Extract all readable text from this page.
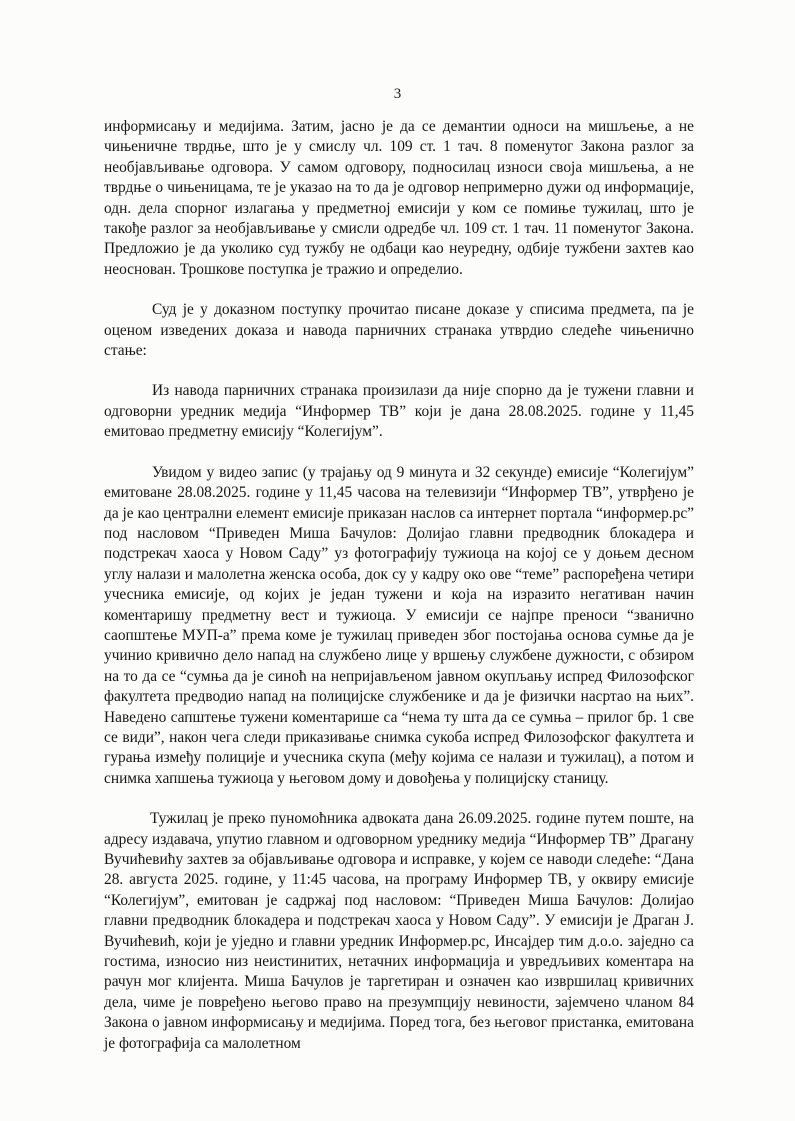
3

информисању и медијима. Затим, јасно је да се демантии односи на мишљење, а не чињеничне тврдње, што је у смислу чл. 109 ст. 1 тач. 8 поменутог Закона разлог за необјављивање одговора. У самом одговору, подносилац износи своја мишљења, а не тврдње о чињеницама, те је указао на то да је одговор непримерно дужи од информације, одн. дела спорног излагања у предметној емисији у ком се помиње тужилац, што је такође разлог за необјављивање у смисли одредбе чл. 109 ст. 1 тач. 11 поменутог Закона. Предложио је да уколико суд тужбу не одбаци као неуредну, одбије тужбени захтев као неоснован. Трошкове поступка је тражио и определио.

Суд је у доказном поступку прочитао писане доказе у списима предмета, па је оценом изведених доказа и навода парничних странака утврдио следеће чињенично стање:

Из навода парничних странака произилази да није спорно да је тужени главни и одговорни уредник медија “Информер ТВ” који је дана 28.08.2025. године у 11,45 емитовао предметну емисију “Колегијум”.

Увидом у видео запис (у трајању од 9 минута и 32 секунде) емисије “Колегијум” емитоване 28.08.2025. године у 11,45 часова на телевизији “Информер ТВ”, утврђено је да је као централни елемент емисије приказан наслов са интернет портала “информер.рс” под насловом “Приведен Миша Бачулов: Долијао главни предводник блокадера и подстрекач хаоса у Новом Саду” уз фотографију тужиоца на којој се у доњем десном углу налази и малолетна женска особа, док су у кадру око ове “теме” распоређена четири учесника емисије, од којих је један тужени и која на изразито негативан начин коментаришу предметну вест и тужиоца. У емисији се најпре преноси “званично саопштење МУП-а” према коме је тужилац приведен због постојања основа сумње да је учинио кривично дело напад на службено лице у вршењу службене дужности, с обзиром на то да се “сумња да је синоћ на непријављеном јавном окупљању испред Филозофског факултета предводио напад на полицијске службенике и да је физички насртао на њих”. Наведено сапштење тужени коментарише са “нема ту шта да се сумња – прилог бр. 1 све се види”, након чега следи приказивање снимка сукоба испред Филозофског факултета и гурања између полиције и учесника скупа (међу којима се налази и тужилац), а потом и снимка хапшења тужиоца у његовом дому и довођења у полицијску станицу.

Тужилац је преко пуномоћника адвоката дана 26.09.2025. године путем поште, на адресу издавача, упутио главном и одговорном уреднику медија “Информер ТВ” Драгану Вучићевићу захтев за објављивање одговора и исправке, у којем се наводи следеће: “Дана 28. августа 2025. године, у 11:45 часова, на програму Информер ТВ, у оквиру емисије “Колегијум”, емитован је садржај под насловом: “Приведен Миша Бачулов: Долијао главни предводник блокадера и подстрекач хаоса у Новом Саду”. У емисији је Драган Ј. Вучићевић, који је уједно и главни уредник Информер.рс, Инсајдер тим д.о.о. заједно са гостима, износио низ неистинитих, нетачних информација и увредљивих коментара на рачун мог клијента. Миша Бачулов је таргетиран и означен као извршилац кривичних дела, чиме је повређено његово право на презумпцију невиности, зајемчено чланом 84 Закона о јавном информисању и медијима. Поред тога, без његовог пристанка, емитована је фотографија са малолетном
